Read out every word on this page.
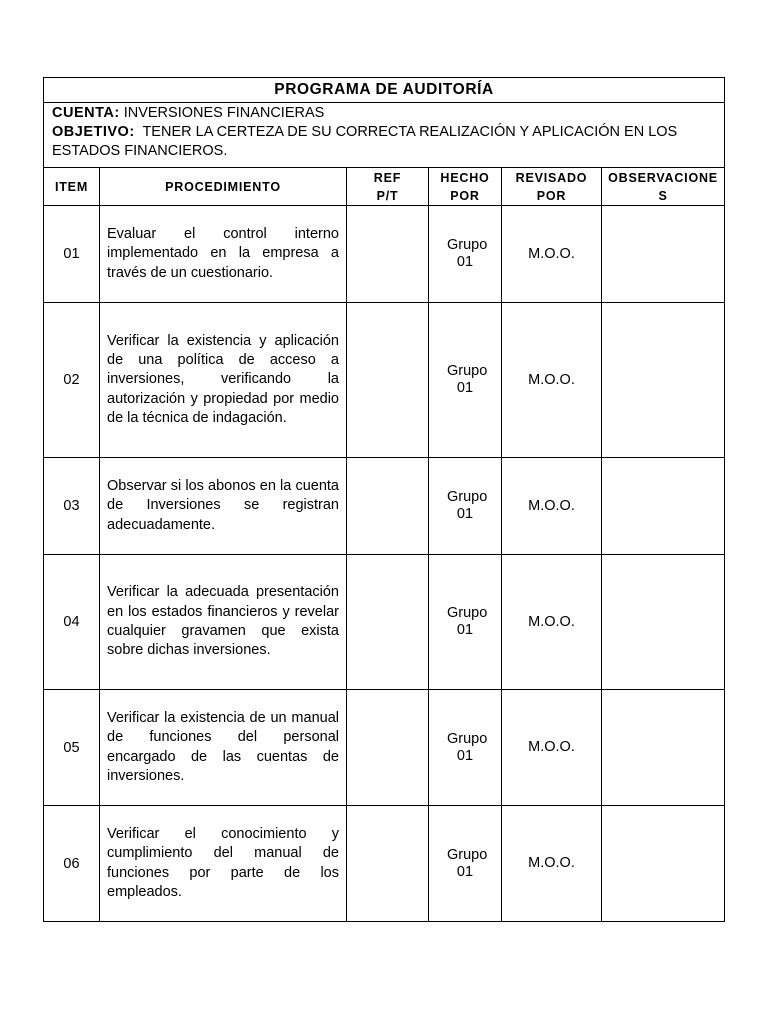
PROGRAMA DE AUDITORÍA					

CUENTA: INVERSIONES FINANCIERAS
OBJETIVO: TENER LA CERTEZA DE SU CORRECTA REALIZACIÓN Y APLICACIÓN EN LOS ESTADOS FINANCIEROS.					

ITEM	PROCEDIMIENTO	REF P/T	HECHO POR	REVISADO POR	OBSERVACIONES
01	Evaluar el control interno implementado en la empresa a través de un cuestionario.		Grupo 01	M.O.O.	
02	Verificar la existencia y aplicación de una política de acceso a inversiones, verificando la autorización y propiedad por medio de la técnica de indagación.		Grupo 01	M.O.O.	
03	Observar si los abonos en la cuenta de Inversiones se registran adecuadamente.		Grupo 01	M.O.O.	
04	Verificar la adecuada presentación en los estados financieros y revelar cualquier gravamen que exista sobre dichas inversiones.		Grupo 01	M.O.O.	
05	Verificar la existencia de un manual de funciones del personal encargado de las cuentas de inversiones.		Grupo 01	M.O.O.	
06	Verificar el conocimiento y cumplimiento del manual de funciones por parte de los empleados.		Grupo 01	M.O.O.	
